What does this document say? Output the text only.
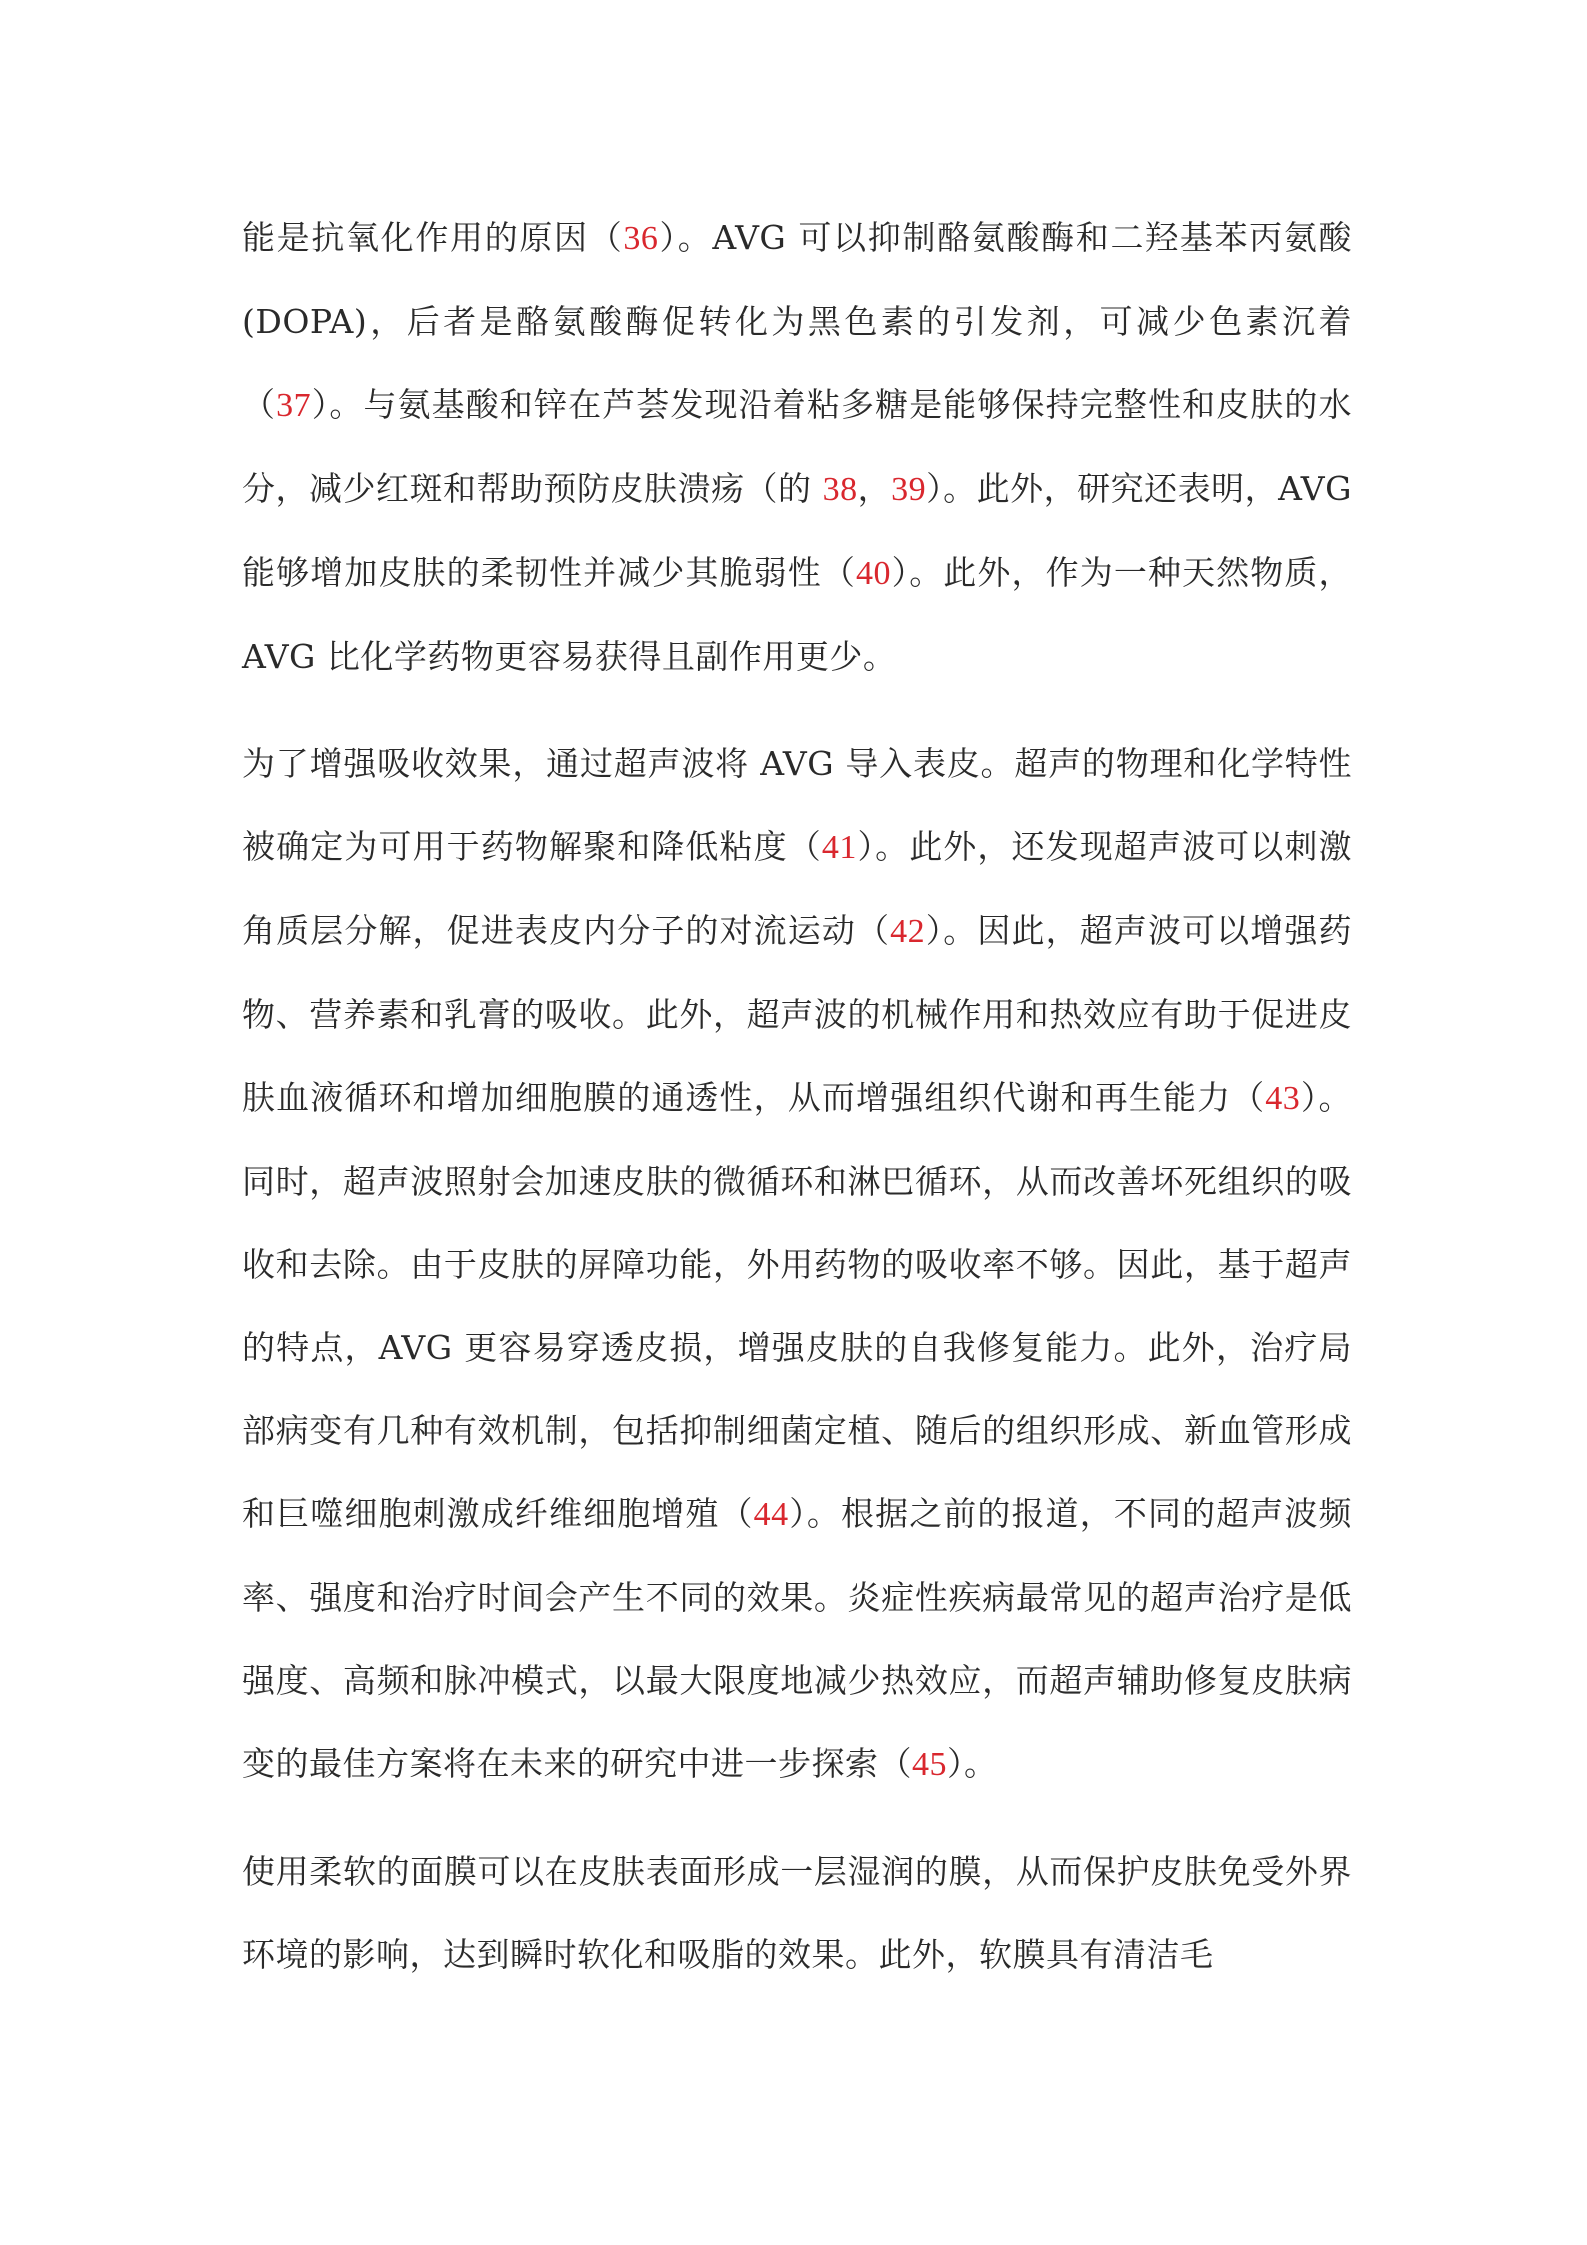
能是抗氧化作用的原因（36）。AVG 可以抑制酪氨酸酶和二羟基苯丙氨酸 (DOPA)，后者是酪氨酸酶促转化为黑色素的引发剂，可减少色素沉着（37）。与氨基酸和锌在芦荟发现沿着粘多糖是能够保持完整性和皮肤的水分，减少红斑和帮助预防皮肤溃疡（的 38，39）。此外，研究还表明，AVG 能够增加皮肤的柔韧性并减少其脆弱性（40）。此外，作为一种天然物质，AVG 比化学药物更容易获得且副作用更少。

为了增强吸收效果，通过超声波将 AVG 导入表皮。超声的物理和化学特性被确定为可用于药物解聚和降低粘度（41）。此外，还发现超声波可以刺激角质层分解，促进表皮内分子的对流运动（42）。因此，超声波可以增强药物、营养素和乳膏的吸收。此外，超声波的机械作用和热效应有助于促进皮肤血液循环和增加细胞膜的通透性，从而增强组织代谢和再生能力（43）。同时，超声波照射会加速皮肤的微循环和淋巴循环，从而改善坏死组织的吸收和去除。由于皮肤的屏障功能，外用药物的吸收率不够。因此，基于超声的特点，AVG 更容易穿透皮损，增强皮肤的自我修复能力。此外，治疗局部病变有几种有效机制，包括抑制细菌定植、随后的组织形成、新血管形成和巨噬细胞刺激成纤维细胞增殖（44）。根据之前的报道，不同的超声波频率、强度和治疗时间会产生不同的效果。炎症性疾病最常见的超声治疗是低强度、高频和脉冲模式，以最大限度地减少热效应，而超声辅助修复皮肤病变的最佳方案将在未来的研究中进一步探索（45）。

使用柔软的面膜可以在皮肤表面形成一层湿润的膜，从而保护皮肤免受外界环境的影响，达到瞬时软化和吸脂的效果。此外，软膜具有清洁毛
